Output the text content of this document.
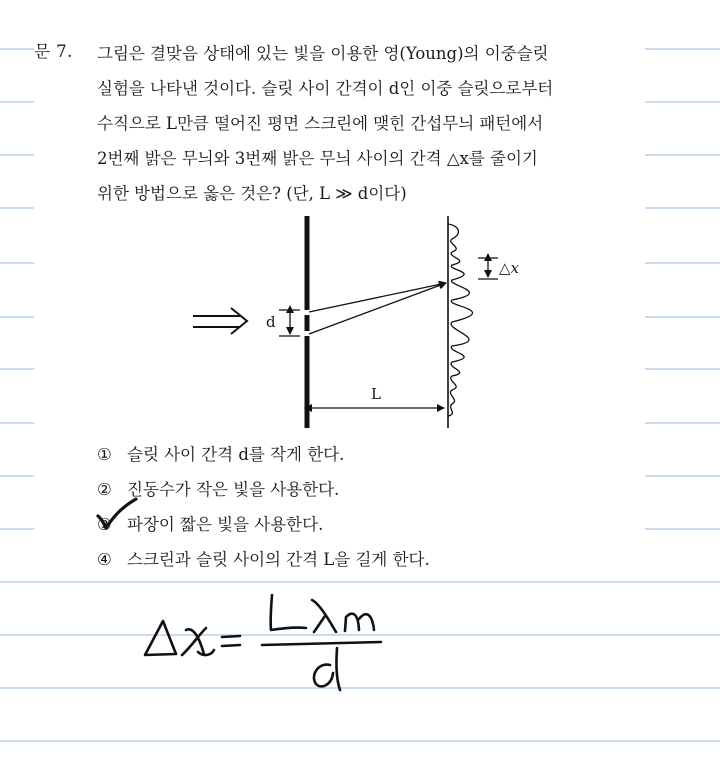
문 7. 그림은 결맞음 상태에 있는 빛을 이용한 영(Young)의 이중슬릿
실험을 나타낸 것이다. 슬릿 사이 간격이 d인 이중 슬릿으로부터
수직으로 L만큼 떨어진 평면 스크린에 맺힌 간섭무늬 패턴에서
2번째 밝은 무늬와 3번째 밝은 무늬 사이의 간격 △x를 줄이기
위한 방법으로 옳은 것은? (단, L ≫ d이다)
d
△x
L
① 슬릿 사이 간격 d를 작게 한다.
② 진동수가 작은 빛을 사용한다.
③ 파장이 짧은 빛을 사용한다.
④ 스크린과 슬릿 사이의 간격 L을 길게 한다.
